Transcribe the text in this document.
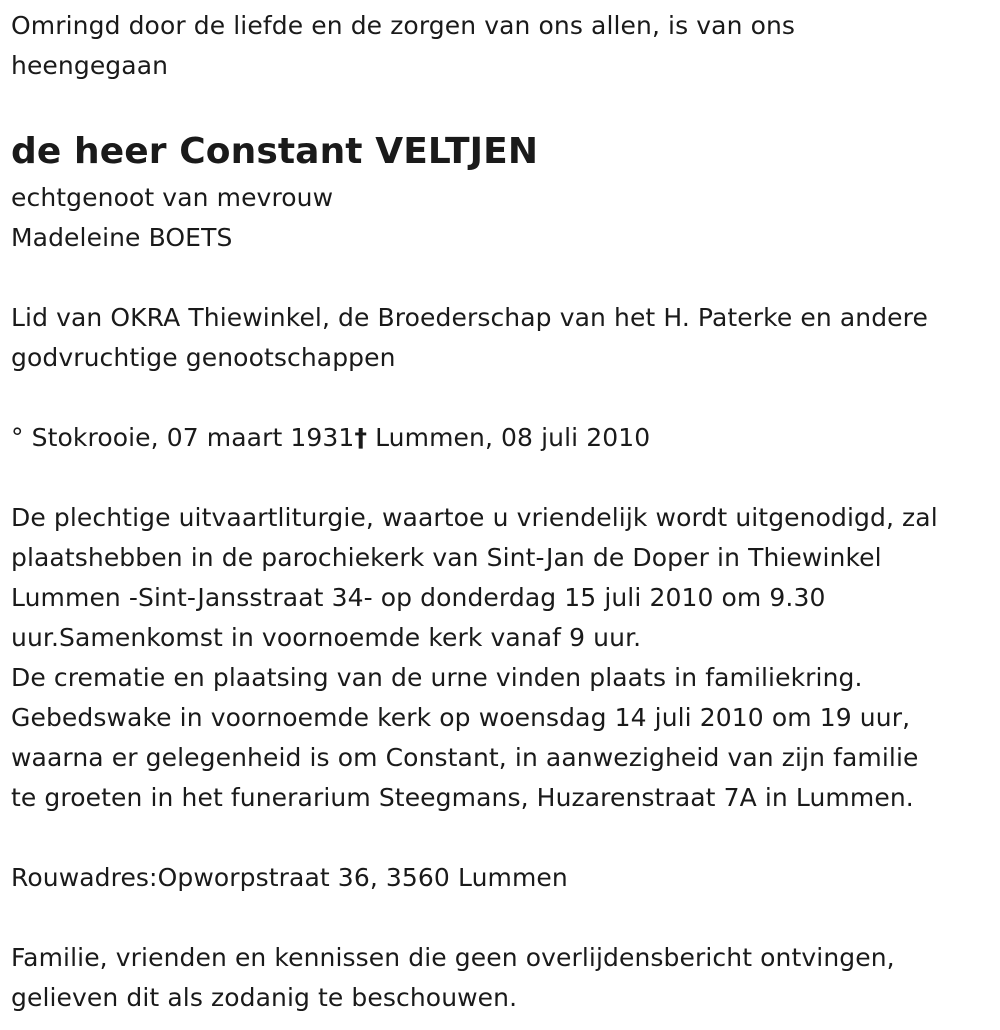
Omringd door de liefde en de zorgen van ons allen, is van ons
heengegaan
de heer Constant VELTJEN
echtgenoot van mevrouw
Madeleine BOETS
Lid van OKRA Thiewinkel, de Broederschap van het H. Paterke en andere
godvruchtige genootschappen
° Stokrooie, 07 maart 1931† Lummen, 08 juli 2010
De plechtige uitvaartliturgie, waartoe u vriendelijk wordt uitgenodigd, zal
plaatshebben in de parochiekerk van Sint-Jan de Doper in Thiewinkel
Lummen -Sint-Jansstraat 34- op donderdag 15 juli 2010 om 9.30
uur.Samenkomst in voornoemde kerk vanaf 9 uur.
De crematie en plaatsing van de urne vinden plaats in familiekring.
Gebedswake in voornoemde kerk op woensdag 14 juli 2010 om 19 uur,
waarna er gelegenheid is om Constant, in aanwezigheid van zijn familie
te groeten in het funerarium Steegmans, Huzarenstraat 7A in Lummen.
Rouwadres:Opworpstraat 36, 3560 Lummen
Familie, vrienden en kennissen die geen overlijdensbericht ontvingen,
gelieven dit als zodanig te beschouwen.
